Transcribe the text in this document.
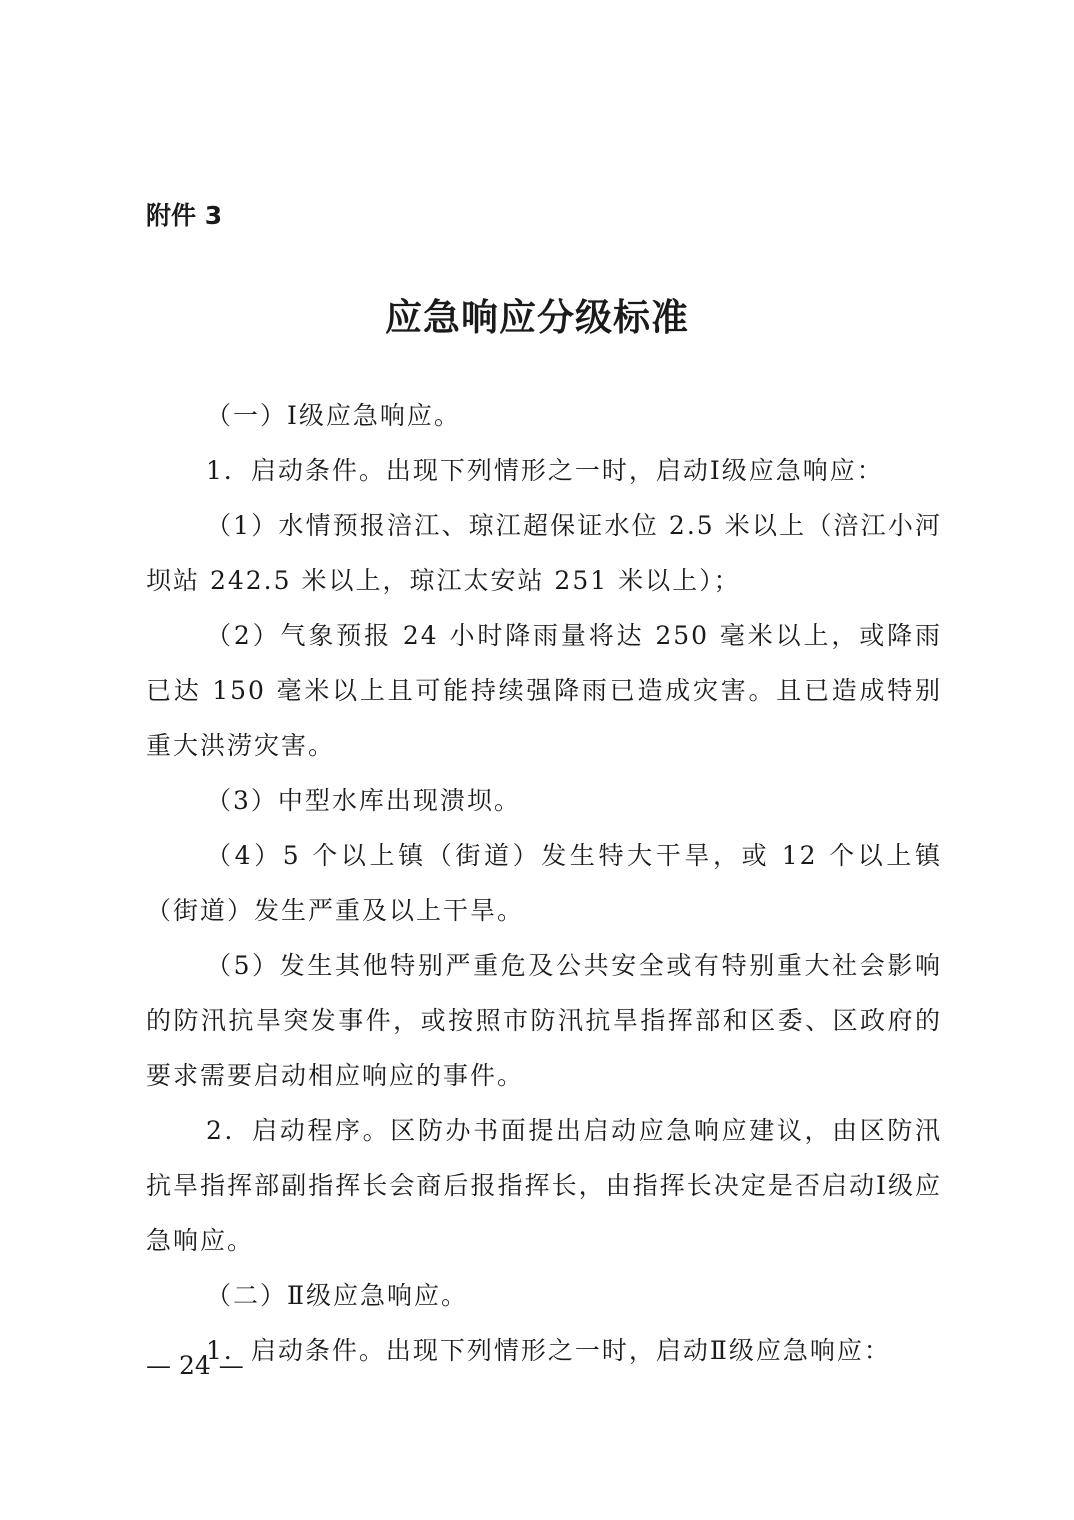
附件 3
应急响应分级标准

（一）Ⅰ级应急响应。

1．启动条件。出现下列情形之一时，启动Ⅰ级应急响应：

（1）水情预报涪江、琼江超保证水位 2.5 米以上（涪江小河坝站 242.5 米以上，琼江太安站 251 米以上）；

（2）气象预报 24 小时降雨量将达 250 毫米以上，或降雨已达 150 毫米以上且可能持续强降雨已造成灾害。且已造成特别重大洪涝灾害。

（3）中型水库出现溃坝。

（4）5 个以上镇（街道）发生特大干旱，或 12 个以上镇（街道）发生严重及以上干旱。

（5）发生其他特别严重危及公共安全或有特别重大社会影响的防汛抗旱突发事件，或按照市防汛抗旱指挥部和区委、区政府的要求需要启动相应响应的事件。

2．启动程序。区防办书面提出启动应急响应建议，由区防汛抗旱指挥部副指挥长会商后报指挥长，由指挥长决定是否启动Ⅰ级应急响应。

（二）Ⅱ级应急响应。

1．启动条件。出现下列情形之一时，启动Ⅱ级应急响应：

— 24 —
